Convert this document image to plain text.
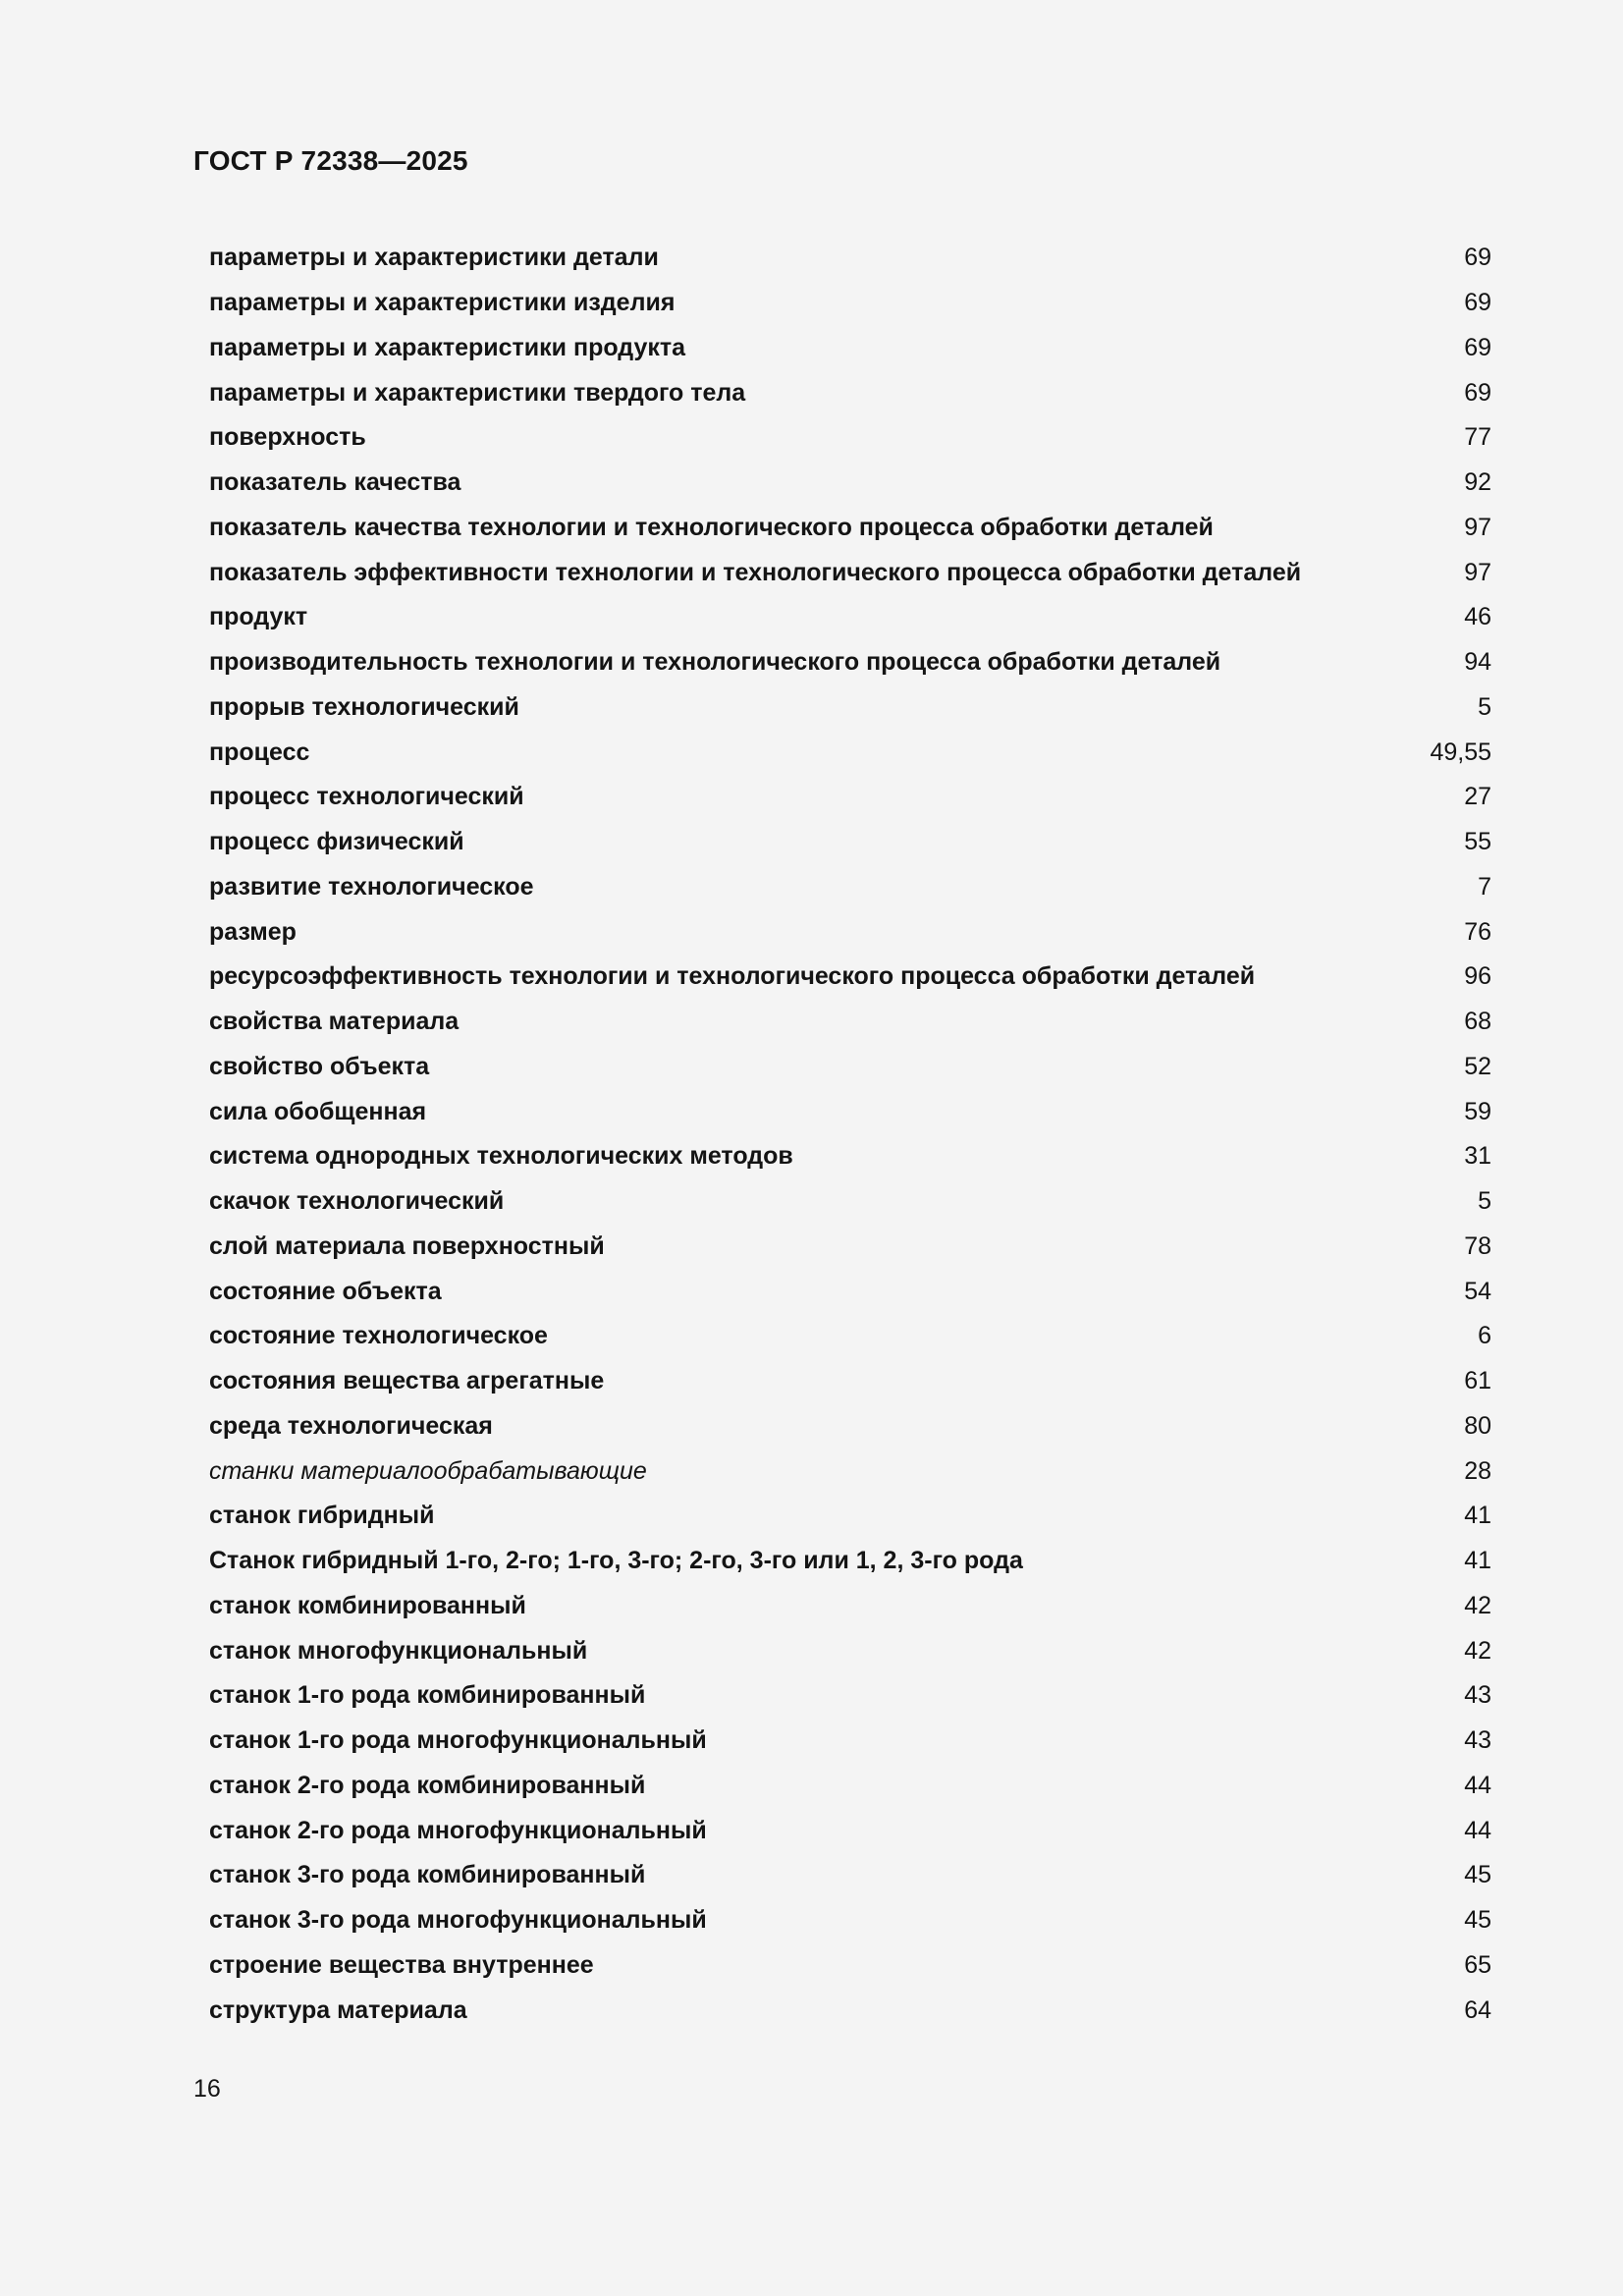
ГОСТ Р 72338—2025
параметры и характеристики детали	69
параметры и характеристики изделия	69
параметры и характеристики продукта	69
параметры и характеристики твердого тела	69
поверхность	77
показатель качества	92
показатель качества технологии и технологического процесса обработки деталей	97
показатель эффективности технологии и технологического процесса обработки деталей	97
продукт	46
производительность технологии и технологического процесса обработки деталей	94
прорыв технологический	5
процесс	49,55
процесс технологический	27
процесс физический	55
развитие технологическое	7
размер	76
ресурсоэффективность технологии и технологического процесса обработки деталей	96
свойства материала	68
свойство объекта	52
сила обобщенная	59
система однородных технологических методов	31
скачок технологический	5
слой материала поверхностный	78
состояние объекта	54
состояние технологическое	6
состояния вещества агрегатные	61
среда технологическая	80
станки материалообрабатывающие	28
станок гибридный	41
Станок гибридный 1-го, 2-го; 1-го, 3-го; 2-го, 3-го или 1, 2, 3-го рода	41
станок комбинированный	42
станок многофункциональный	42
станок 1-го рода комбинированный	43
станок 1-го рода многофункциональный	43
станок 2-го рода комбинированный	44
станок 2-го рода многофункциональный	44
станок 3-го рода комбинированный	45
станок 3-го рода многофункциональный	45
строение вещества внутреннее	65
структура материала	64
16
